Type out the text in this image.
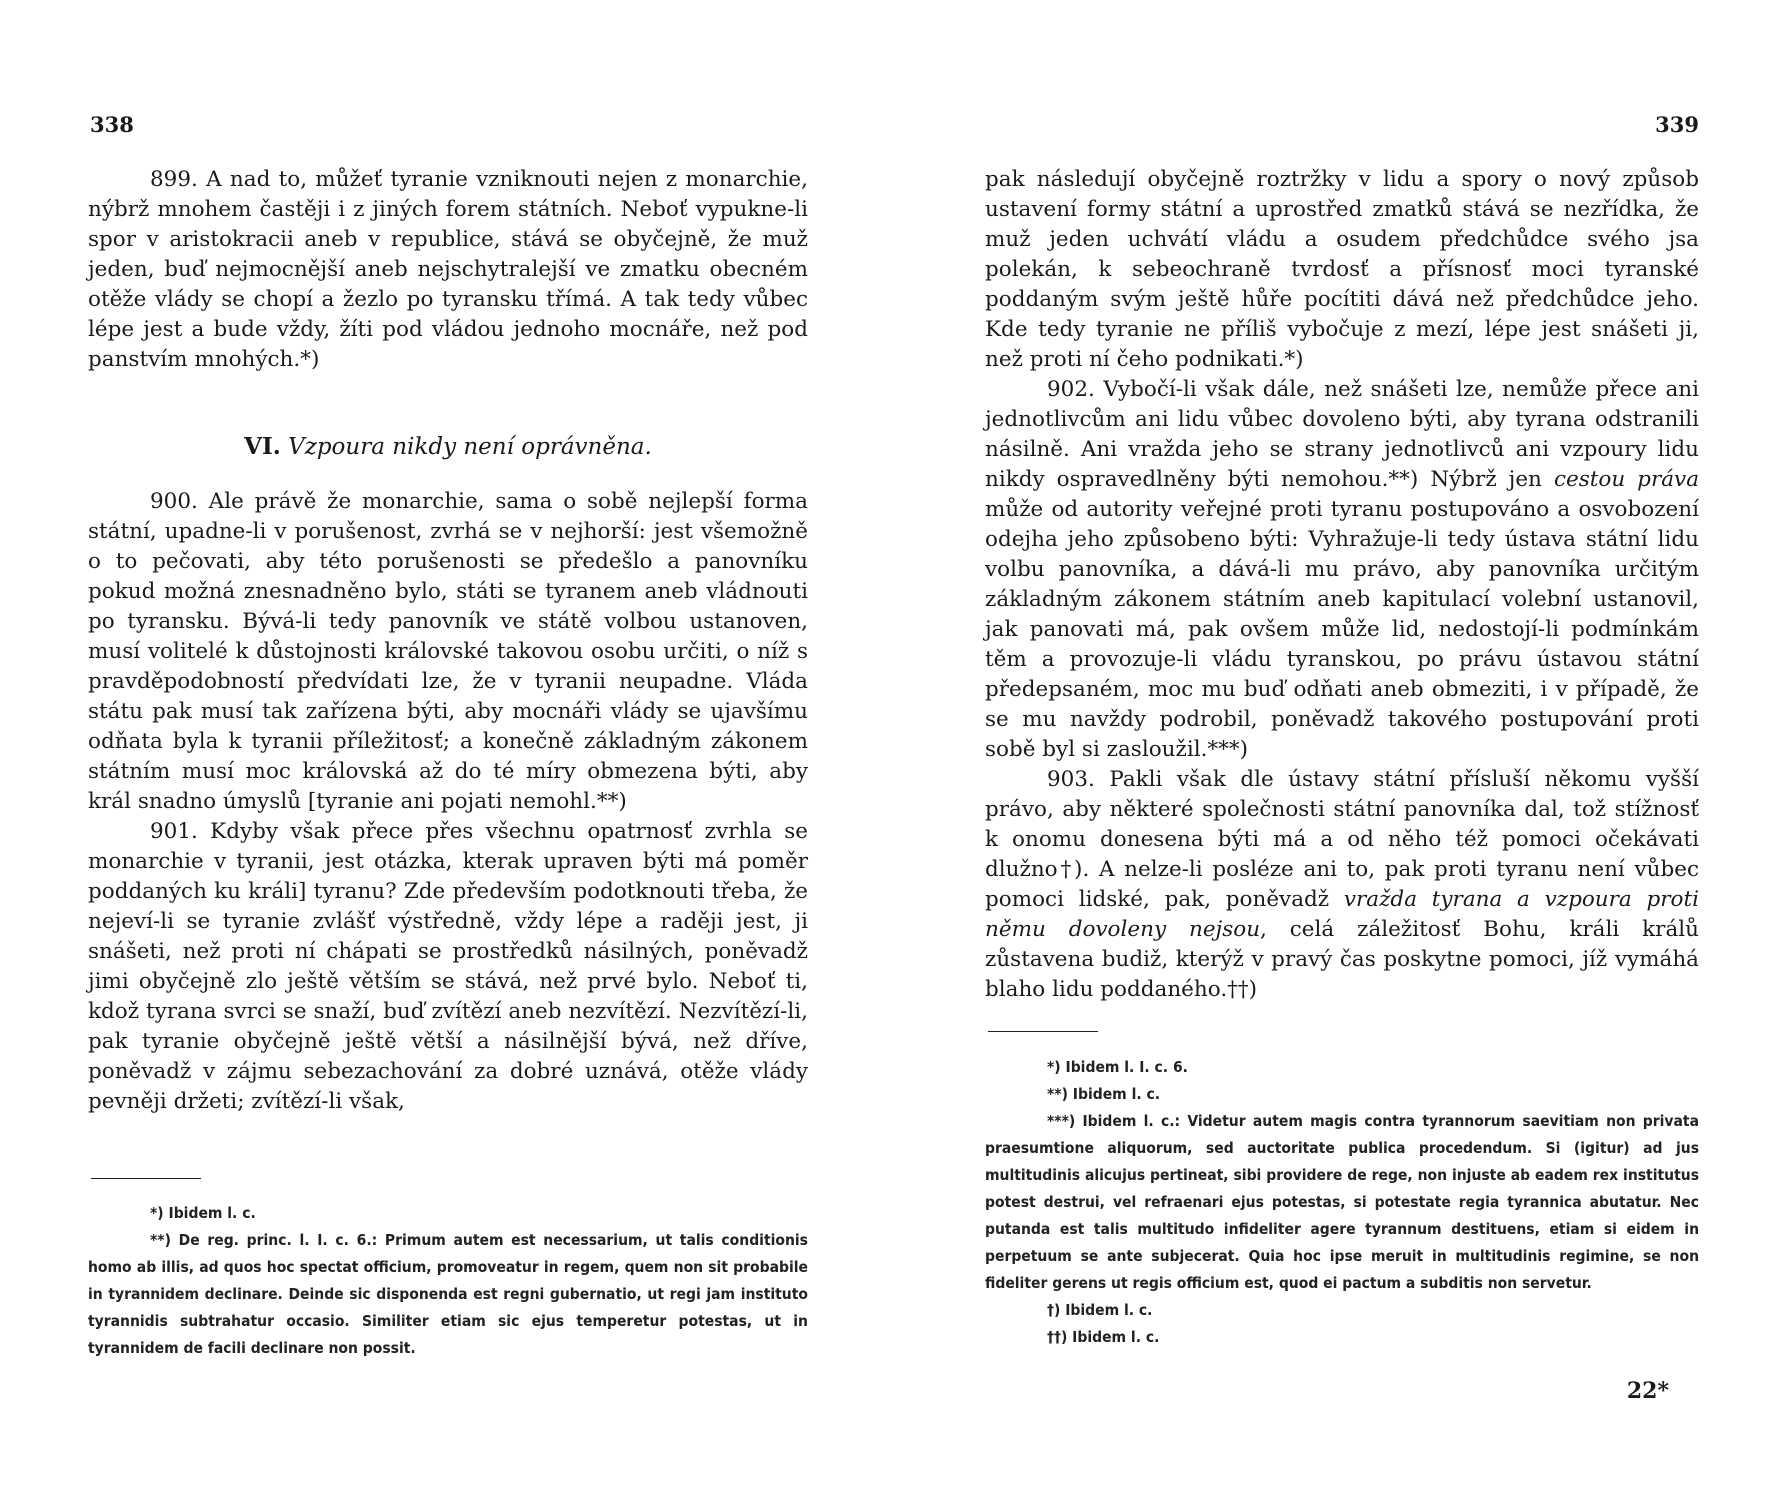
338

899. A nad to, můžeť tyranie vzniknouti nejen z monarchie, nýbrž mnohem častěji i z jiných forem státních. Neboť vypukne-li spor v aristokracii aneb v republice, stává se obyčejně, že muž jeden, buď nejmocnější aneb nejschytralejší ve zmatku obecném otěže vlády se chopí a žezlo po tyransku třímá. A tak tedy vůbec lépe jest a bude vždy, žíti pod vládou jednoho mocnáře, než pod panstvím mnohých.*)

VI. Vzpoura nikdy není oprávněna.

900. Ale právě že monarchie, sama o sobě nejlepší forma státní, upadne-li v porušenost, zvrhá se v nejhorší: jest všemožně o to pečovati, aby této porušenosti se předešlo a panovníku pokud možná znesnadněno bylo, státi se tyranem aneb vládnouti po tyransku. Bývá-li tedy panovník ve státě volbou ustanoven, musí volitelé k důstojnosti královské takovou osobu určiti, o níž s pravděpodobností předvídati lze, že v tyranii neupadne. Vláda státu pak musí tak zařízena býti, aby mocnáři vlády se ujavšímu odňata byla k tyranii příležitosť; a konečně základným zákonem státním musí moc královská až do té míry obmezena býti, aby král snadno úmyslů [tyranie ani pojati nemohl.**)

901. Kdyby však přece přes všechnu opatrnosť zvrhla se monarchie v tyranii, jest otázka, kterak upraven býti má poměr poddaných ku králi] tyranu? Zde především podotknouti třeba, že nejeví-li se tyranie zvlášť výstředně, vždy lépe a raději jest, ji snášeti, než proti ní chápati se prostředků násilných, poněvadž jimi obyčejně zlo ještě větším se stává, než prvé bylo. Neboť ti, kdož tyrana svrci se snaží, buď zvítězí aneb nezvítězí. Nezvítězí-li, pak tyranie obyčejně ještě větší a násilnější bývá, než dříve, poněvadž v zájmu sebezachování za dobré uznává, otěže vlády pevněji držeti; zvítězí-li však,

*) Ibidem l. c.

**) De reg. princ. l. I. c. 6.: Primum autem est necessarium, ut talis conditionis homo ab illis, ad quos hoc spectat officium, promoveatur in regem, quem non sit probabile in tyrannidem declinare. Deinde sic disponenda est regni gubernatio, ut regi jam instituto tyrannidis subtrahatur occasio. Similiter etiam sic ejus temperetur potestas, ut in tyrannidem de facili declinare non possit.

339

pak následují obyčejně roztržky v lidu a spory o nový způsob ustavení formy státní a uprostřed zmatků stává se nezřídka, že muž jeden uchvátí vládu a osudem předchůdce svého jsa polekán, k sebeochraně tvrdosť a přísnosť moci tyranské poddaným svým ještě hůře pocítiti dává než předchůdce jeho. Kde tedy tyranie ne příliš vybočuje z mezí, lépe jest snášeti ji, než proti ní čeho podnikati.*)

902. Vybočí-li však dále, než snášeti lze, nemůže přece ani jednotlivcům ani lidu vůbec dovoleno býti, aby tyrana odstranili násilně. Ani vražda jeho se strany jednotlivců ani vzpoury lidu nikdy ospravedlněny býti nemohou.**) Nýbrž jen cestou práva může od autority veřejné proti tyranu postupováno a osvobození odejha jeho způsobeno býti: Vyhražuje-li tedy ústava státní lidu volbu panovníka, a dává-li mu právo, aby panovníka určitým základným zákonem státním aneb kapitulací volební ustanovil, jak panovati má, pak ovšem může lid, nedostojí-li podmínkám těm a provozuje-li vládu tyranskou, po právu ústavou státní předepsaném, moc mu buď odňati aneb obmeziti, i v případě, že se mu navždy podrobil, poněvadž takového postupování proti sobě byl si zasloužil.***)

903. Pakli však dle ústavy státní přísluší někomu vyšší právo, aby některé společnosti státní panovníka dal, tož stížnosť k onomu donesena býti má a od něho též pomoci očekávati dlužno†). A nelze-li posléze ani to, pak proti tyranu není vůbec pomoci lidské, pak, poněvadž vražda tyrana a vzpoura proti němu dovoleny nejsou, celá záležitosť Bohu, králi králů zůstavena budiž, kterýž v pravý čas poskytne pomoci, jíž vymáhá blaho lidu poddaného.††)

*) Ibidem l. I. c. 6.

**) Ibidem l. c.

***) Ibidem l. c.: Videtur autem magis contra tyrannorum saevitiam non privata praesumtione aliquorum, sed auctoritate publica procedendum. Si (igitur) ad jus multitudinis alicujus pertineat, sibi providere de rege, non injuste ab eadem rex institutus potest destrui, vel refraenari ejus potestas, si potestate regia tyrannica abutatur. Nec putanda est talis multitudo infideliter agere tyrannum destituens, etiam si eidem in perpetuum se ante subjecerat. Quia hoc ipse meruit in multitudinis regimine, se non fideliter gerens ut regis officium est, quod ei pactum a subditis non servetur.

†) Ibidem l. c.

††) Ibidem l. c.

22*
